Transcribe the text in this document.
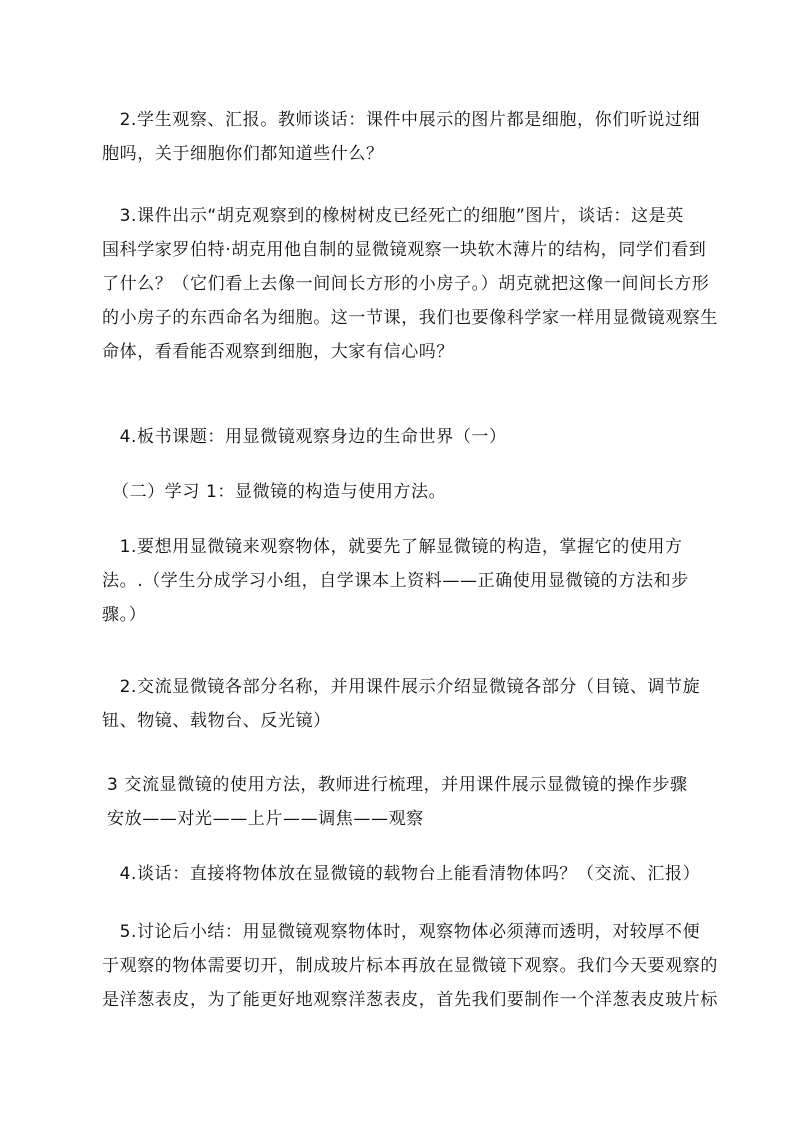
　2.学生观察、汇报。教师谈话：课件中展示的图片都是细胞，你们听说过细
胞吗，关于细胞你们都知道些什么？
　3.课件出示“胡克观察到的橡树树皮已经死亡的细胞”图片，谈话：这是英
国科学家罗伯特·胡克用他自制的显微镜观察一块软木薄片的结构，同学们看到
了什么？（它们看上去像一间间长方形的小房子。）胡克就把这像一间间长方形
的小房子的东西命名为细胞。这一节课，我们也要像科学家一样用显微镜观察生
命体，看看能否观察到细胞，大家有信心吗？
　4.板书课题：用显微镜观察身边的生命世界（一）
（二）学习 1：显微镜的构造与使用方法。
　1.要想用显微镜来观察物体，就要先了解显微镜的构造，掌握它的使用方
法。.（学生分成学习小组，自学课本上资料——正确使用显微镜的方法和步
骤。）
　2.交流显微镜各部分名称，并用课件展示介绍显微镜各部分（目镜、调节旋
钮、物镜、载物台、反光镜）
3 交流显微镜的使用方法，教师进行梳理，并用课件展示显微镜的操作步骤
安放——对光——上片——调焦——观察
　4.谈话：直接将物体放在显微镜的载物台上能看清物体吗？（交流、汇报）
　5.讨论后小结：用显微镜观察物体时，观察物体必须薄而透明，对较厚不便
于观察的物体需要切开，制成玻片标本再放在显微镜下观察。我们今天要观察的
是洋葱表皮，为了能更好地观察洋葱表皮，首先我们要制作一个洋葱表皮玻片标
